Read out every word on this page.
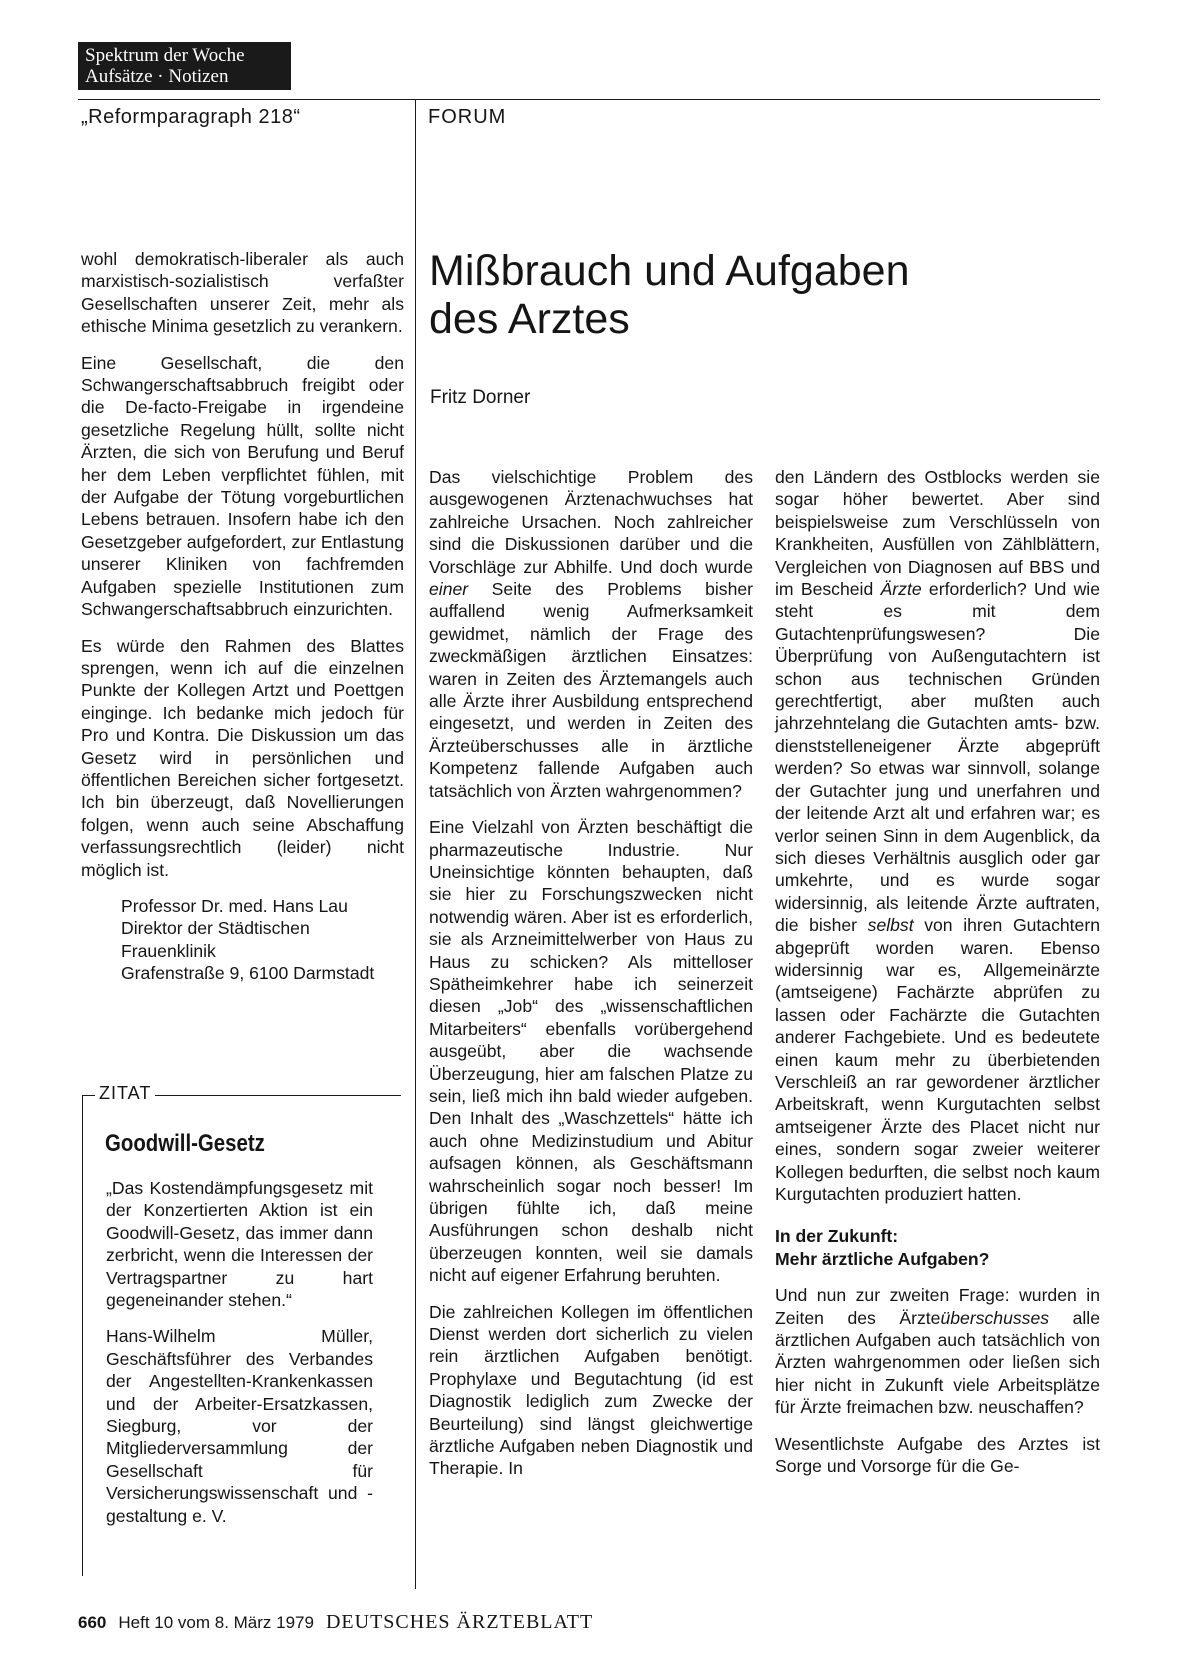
Spektrum der Woche
Aufsätze · Notizen
„Reformparagraph 218“	FORUM

wohl demokratisch-liberaler als auch marxistisch-sozialistisch verfaßter Gesellschaften unserer Zeit, mehr als ethische Minima gesetzlich zu verankern.

Eine Gesellschaft, die den Schwangerschaftsabbruch freigibt oder die De-facto-Freigabe in irgendeine gesetzliche Regelung hüllt, sollte nicht Ärzten, die sich von Berufung und Beruf her dem Leben verpflichtet fühlen, mit der Aufgabe der Tötung vorgeburtlichen Lebens betrauen. Insofern habe ich den Gesetzgeber aufgefordert, zur Entlastung unserer Kliniken von fachfremden Aufgaben spezielle Institutionen zum Schwangerschaftsabbruch einzurichten.

Es würde den Rahmen des Blattes sprengen, wenn ich auf die einzelnen Punkte der Kollegen Artzt und Poettgen einginge. Ich bedanke mich jedoch für Pro und Kontra. Die Diskussion um das Gesetz wird in persönlichen und öffentlichen Bereichen sicher fortgesetzt. Ich bin überzeugt, daß Novellierungen folgen, wenn auch seine Abschaffung verfassungsrechtlich (leider) nicht möglich ist.

Professor Dr. med. Hans Lau
Direktor der Städtischen Frauenklinik
Grafenstraße 9, 6100 Darmstadt

ZITAT
Goodwill-Gesetz

„Das Kostendämpfungsgesetz mit der Konzertierten Aktion ist ein Goodwill-Gesetz, das immer dann zerbricht, wenn die Interessen der Vertragspartner zu hart gegeneinander stehen.“

Hans-Wilhelm Müller, Geschäftsführer des Verbandes der Angestellten-Krankenkassen und der Arbeiter-Ersatzkassen, Siegburg, vor der Mitgliederversammlung der Gesellschaft für Versicherungswissenschaft und -gestaltung e. V.

Mißbrauch und Aufgaben
des Arztes
Fritz Dorner

Das vielschichtige Problem des ausgewogenen Ärztenachwuchses hat zahlreiche Ursachen. Noch zahlreicher sind die Diskussionen darüber und die Vorschläge zur Abhilfe. Und doch wurde einer Seite des Problems bisher auffallend wenig Aufmerksamkeit gewidmet, nämlich der Frage des zweckmäßigen ärztlichen Einsatzes: waren in Zeiten des Ärztemangels auch alle Ärzte ihrer Ausbildung entsprechend eingesetzt, und werden in Zeiten des Ärzteüberschusses alle in ärztliche Kompetenz fallende Aufgaben auch tatsächlich von Ärzten wahrgenommen?

Eine Vielzahl von Ärzten beschäftigt die pharmazeutische Industrie. Nur Uneinsichtige könnten behaupten, daß sie hier zu Forschungszwecken nicht notwendig wären. Aber ist es erforderlich, sie als Arzneimittelwerber von Haus zu Haus zu schicken? Als mittelloser Spätheimkehrer habe ich seinerzeit diesen „Job“ des „wissenschaftlichen Mitarbeiters“ ebenfalls vorübergehend ausgeübt, aber die wachsende Überzeugung, hier am falschen Platze zu sein, ließ mich ihn bald wieder aufgeben. Den Inhalt des „Waschzettels“ hätte ich auch ohne Medizinstudium und Abitur aufsagen können, als Geschäftsmann wahrscheinlich sogar noch besser! Im übrigen fühlte ich, daß meine Ausführungen schon deshalb nicht überzeugen konnten, weil sie damals nicht auf eigener Erfahrung beruhten.

Die zahlreichen Kollegen im öffentlichen Dienst werden dort sicherlich zu vielen rein ärztlichen Aufgaben benötigt. Prophylaxe und Begutachtung (id est Diagnostik lediglich zum Zwecke der Beurteilung) sind längst gleichwertige ärztliche Aufgaben neben Diagnostik und Therapie. In

den Ländern des Ostblocks werden sie sogar höher bewertet. Aber sind beispielsweise zum Verschlüsseln von Krankheiten, Ausfüllen von Zählblättern, Vergleichen von Diagnosen auf BBS und im Bescheid Ärzte erforderlich? Und wie steht es mit dem Gutachtenprüfungswesen? Die Überprüfung von Außengutachtern ist schon aus technischen Gründen gerechtfertigt, aber mußten auch jahrzehntelang die Gutachten amts- bzw. dienststelleneigener Ärzte abgeprüft werden? So etwas war sinnvoll, solange der Gutachter jung und unerfahren und der leitende Arzt alt und erfahren war; es verlor seinen Sinn in dem Augenblick, da sich dieses Verhältnis ausglich oder gar umkehrte, und es wurde sogar widersinnig, als leitende Ärzte auftraten, die bisher selbst von ihren Gutachtern abgeprüft worden waren. Ebenso widersinnig war es, Allgemeinärzte (amtseigene) Fachärzte abprüfen zu lassen oder Fachärzte die Gutachten anderer Fachgebiete. Und es bedeutete einen kaum mehr zu überbietenden Verschleiß an rar gewordener ärztlicher Arbeitskraft, wenn Kurgutachten selbst amtseigener Ärzte des Placet nicht nur eines, sondern sogar zweier weiterer Kollegen bedurften, die selbst noch kaum Kurgutachten produziert hatten.

In der Zukunft:
Mehr ärztliche Aufgaben?

Und nun zur zweiten Frage: wurden in Zeiten des Ärzteüberschusses alle ärztlichen Aufgaben auch tatsächlich von Ärzten wahrgenommen oder ließen sich hier nicht in Zukunft viele Arbeitsplätze für Ärzte freimachen bzw. neuschaffen?

Wesentlichste Aufgabe des Arztes ist Sorge und Vorsorge für die Ge-

660 Heft 10 vom 8. März 1979 DEUTSCHES ÄRZTEBLATT
